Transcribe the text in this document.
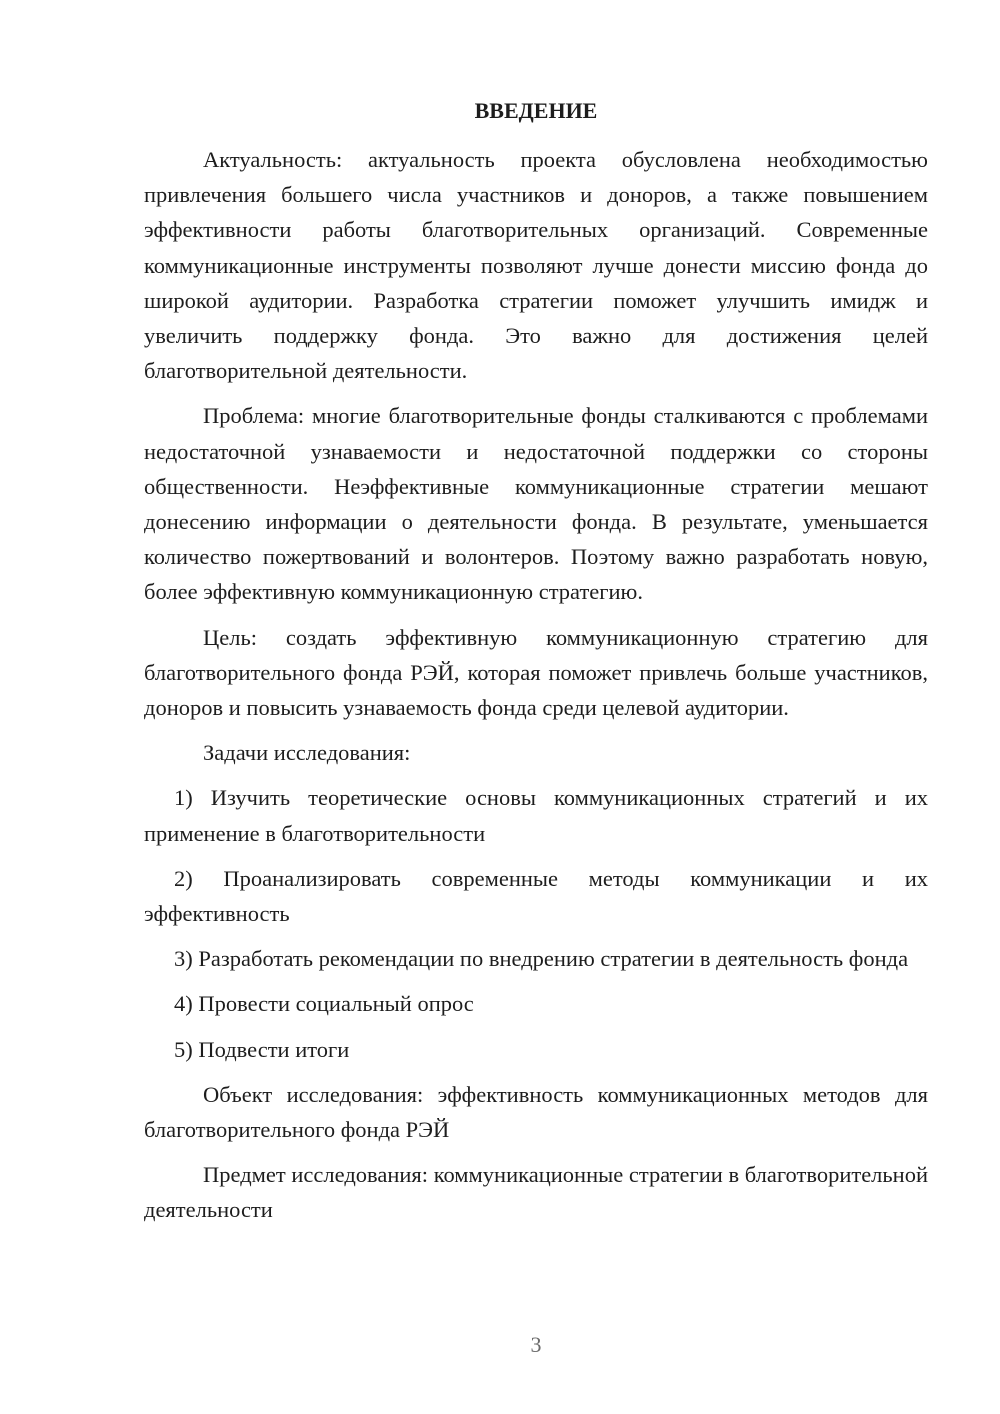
ВВЕДЕНИЕ

Актуальность: актуальность проекта обусловлена необходимостью привлечения большего числа участников и доноров, а также повышением эффективности работы благотворительных организаций. Современные коммуникационные инструменты позволяют лучше донести миссию фонда до широкой аудитории. Разработка стратегии поможет улучшить имидж и увеличить поддержку фонда. Это важно для достижения целей благотворительной деятельности.

Проблема: многие благотворительные фонды сталкиваются с проблемами недостаточной узнаваемости и недостаточной поддержки со стороны общественности. Неэффективные коммуникационные стратегии мешают донесению информации о деятельности фонда. В результате, уменьшается количество пожертвований и волонтеров. Поэтому важно разработать новую, более эффективную коммуникационную стратегию.

Цель: создать эффективную коммуникационную стратегию для благотворительного фонда РЭЙ, которая поможет привлечь больше участников, доноров и повысить узнаваемость фонда среди целевой аудитории.

Задачи исследования:

1) Изучить теоретические основы коммуникационных стратегий и их применение в благотворительности

2) Проанализировать современные методы коммуникации и их эффективность

3) Разработать рекомендации по внедрению стратегии в деятельность фонда

4) Провести социальный опрос

5) Подвести итоги

Объект исследования: эффективность коммуникационных методов для благотворительного фонда РЭЙ

Предмет исследования: коммуникационные стратегии в благотворительной деятельности

3
